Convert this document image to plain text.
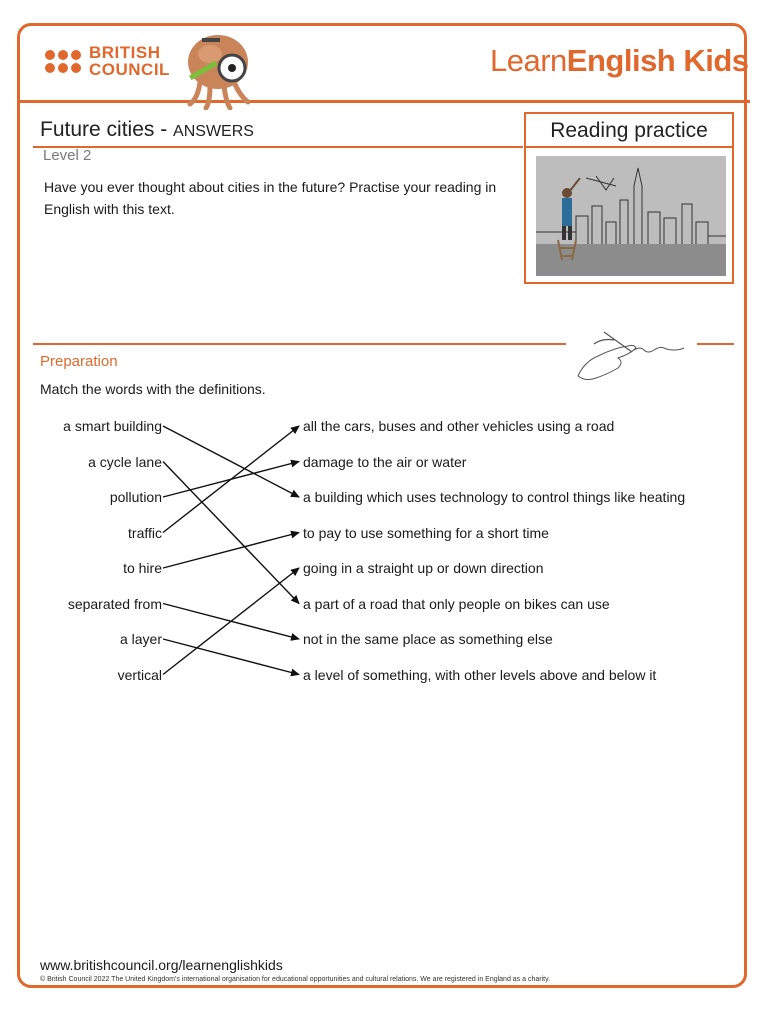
BRITISH
COUNCIL	LearnEnglish Kids
Future cities - ANSWERS	Reading practice
Level 2
Have you ever thought about cities in the future? Practise your reading in English with this text.
Preparation
Match the words with the definitions.
a smart building
a cycle lane
pollution
traffic
to hire
separated from
a layer
vertical
all the cars, buses and other vehicles using a road
damage to the air or water
a building which uses technology to control things like heating
to pay to use something for a short time
going in a straight up or down direction
a part of a road that only people on bikes can use
not in the same place as something else
a level of something, with other levels above and below it
www.britishcouncil.org/learnenglishkids
© British Council 2022 The United Kingdom's international organisation for educational opportunities and cultural relations. We are registered in England as a charity.
